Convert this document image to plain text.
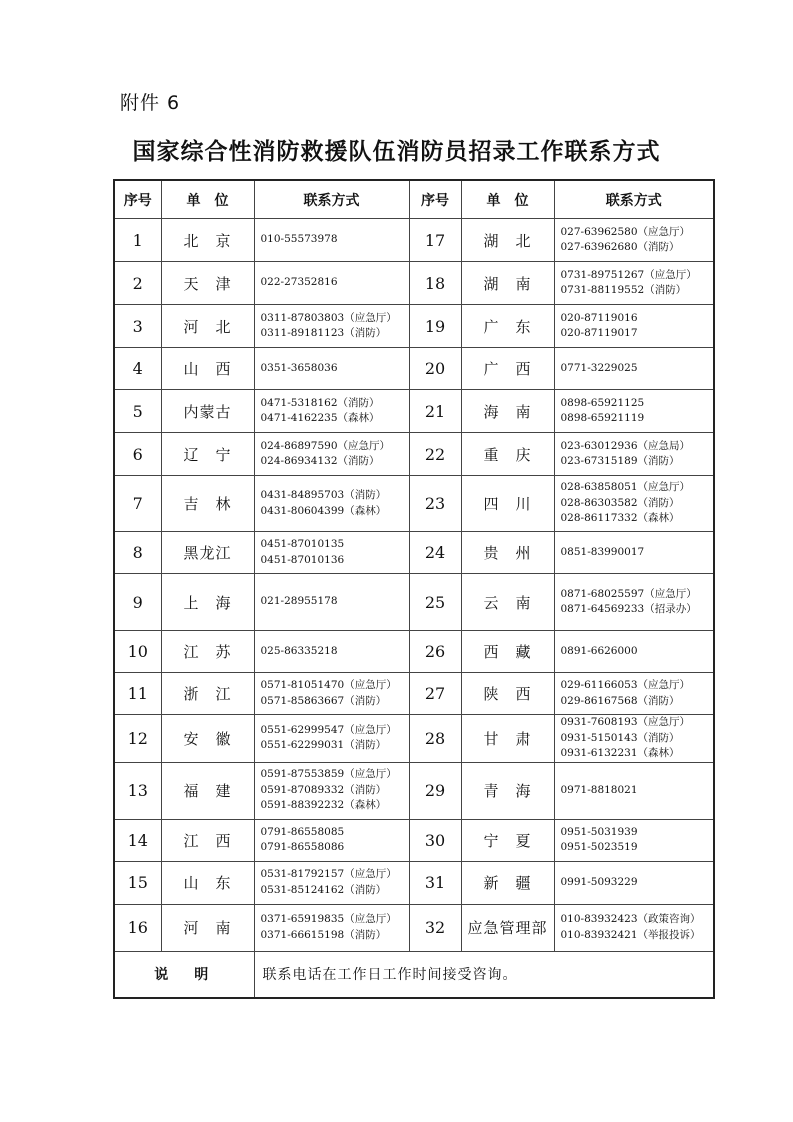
附件 6
国家综合性消防救援队伍消防员招录工作联系方式
序号	单　位	联系方式	序号	单　位	联系方式
1	北　京	010-55573978	17	湖　北	027-63962580（应急厅）
027-63962680（消防）

2	天　津	022-27352816	18	湖　南	0731-89751267（应急厅）
0731-88119552（消防）

3	河　北	0311-87803803（应急厅）
0311-89181123（消防）	19	广　东	020-87119016
020-87119017

4	山　西	0351-3658036	20	广　西	0771-3229025

5	内蒙古	0471-5318162（消防）
0471-4162235（森林）	21	海　南	0898-65921125
0898-65921119

6	辽　宁	024-86897590（应急厅）
024-86934132（消防）	22	重　庆	023-63012936（应急局）
023-67315189（消防）

7	吉　林	0431-84895703（消防）
0431-80604399（森林）	23	四　川	028-63858051（应急厅）
028-86303582（消防）
028-86117332（森林）

8	黑龙江	0451-87010135
0451-87010136	24	贵　州	0851-83990017

9	上　海	021-28955178	25	云　南	0871-68025597（应急厅）
0871-64569233（招录办）

10	江　苏	025-86335218	26	西　藏	0891-6626000

11	浙　江	0571-81051470（应急厅）
0571-85863667（消防）	27	陕　西	029-61166053（应急厅）
029-86167568（消防）

12	安　徽	0551-62999547（应急厅）
0551-62299031（消防）	28	甘　肃	0931-7608193（应急厅）
0931-5150143（消防）
0931-6132231（森林）

13	福　建	0591-87553859（应急厅）
0591-87089332（消防）
0591-88392232（森林）	29	青　海	0971-8818021

14	江　西	0791-86558085
0791-86558086	30	宁　夏	0951-5031939
0951-5023519

15	山　东	0531-81792157（应急厅）
0531-85124162（消防）	31	新　疆	0991-5093229

16	河　南	0371-65919835（应急厅）
0371-66615198（消防）	32	应急管理部	010-83932423（政策咨询）
010-83932421（举报投诉）

说　明		联系电话在工作日工作时间接受咨询。			
